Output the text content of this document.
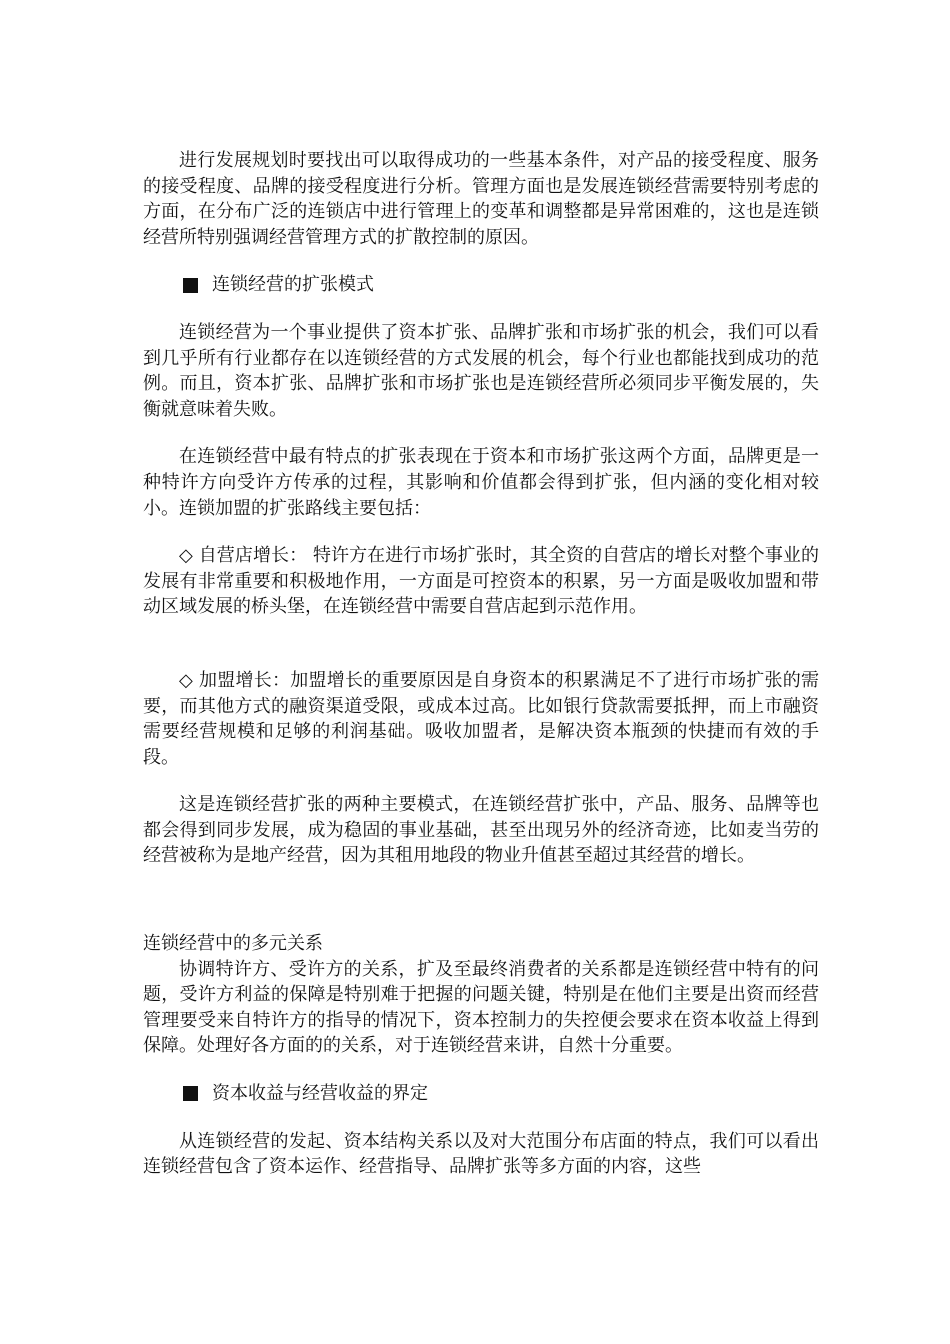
进行发展规划时要找出可以取得成功的一些基本条件，对产品的接受程度、服务的接受程度、品牌的接受程度进行分析。管理方面也是发展连锁经营需要特别考虑的方面，在分布广泛的连锁店中进行管理上的变革和调整都是异常困难的，这也是连锁经营所特别强调经营管理方式的扩散控制的原因。

连锁经营的扩张模式

连锁经营为一个事业提供了资本扩张、品牌扩张和市场扩张的机会，我们可以看到几乎所有行业都存在以连锁经营的方式发展的机会，每个行业也都能找到成功的范例。而且，资本扩张、品牌扩张和市场扩张也是连锁经营所必须同步平衡发展的，失衡就意味着失败。

在连锁经营中最有特点的扩张表现在于资本和市场扩张这两个方面，品牌更是一种特许方向受许方传承的过程，其影响和价值都会得到扩张，但内涵的变化相对较小。连锁加盟的扩张路线主要包括：

◇ 自营店增长： 特许方在进行市场扩张时，其全资的自营店的增长对整个事业的发展有非常重要和积极地作用，一方面是可控资本的积累，另一方面是吸收加盟和带动区域发展的桥头堡，在连锁经营中需要自营店起到示范作用。

◇ 加盟增长：加盟增长的重要原因是自身资本的积累满足不了进行市场扩张的需要，而其他方式的融资渠道受限，或成本过高。比如银行贷款需要抵押，而上市融资需要经营规模和足够的利润基础。吸收加盟者，是解决资本瓶颈的快捷而有效的手段。

这是连锁经营扩张的两种主要模式，在连锁经营扩张中，产品、服务、品牌等也都会得到同步发展，成为稳固的事业基础，甚至出现另外的经济奇迹，比如麦当劳的经营被称为是地产经营，因为其租用地段的物业升值甚至超过其经营的增长。

连锁经营中的多元关系

协调特许方、受许方的关系，扩及至最终消费者的关系都是连锁经营中特有的问题，受许方利益的保障是特别难于把握的问题关键，特别是在他们主要是出资而经营管理要受来自特许方的指导的情况下，资本控制力的失控便会要求在资本收益上得到保障。处理好各方面的的关系，对于连锁经营来讲，自然十分重要。

资本收益与经营收益的界定

从连锁经营的发起、资本结构关系以及对大范围分布店面的特点，我们可以看出连锁经营包含了资本运作、经营指导、品牌扩张等多方面的内容，这些
